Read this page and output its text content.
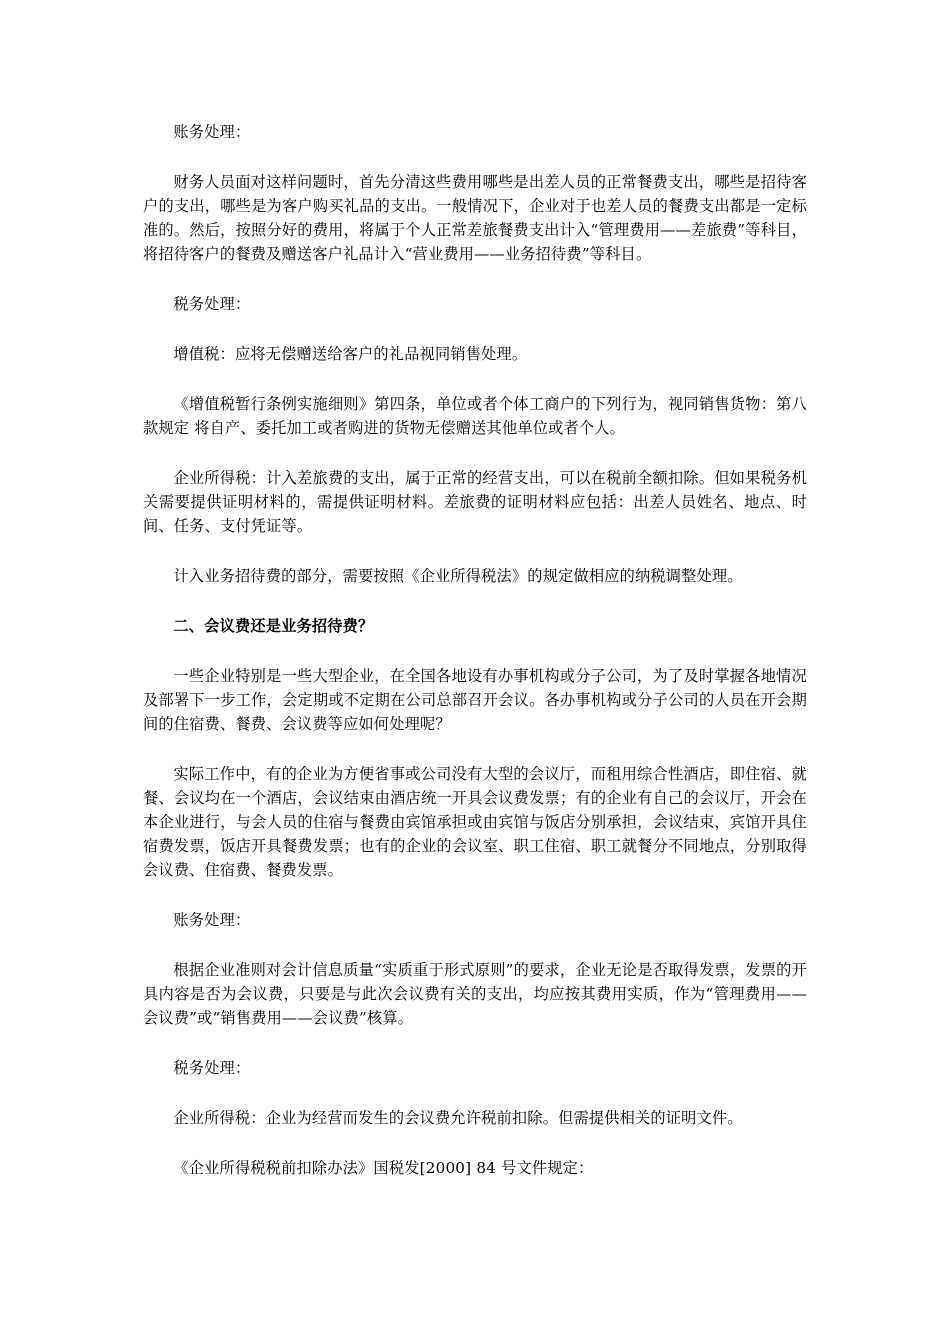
账务处理：

财务人员面对这样问题时，首先分清这些费用哪些是出差人员的正常餐费支出，哪些是招待客户的支出，哪些是为客户购买礼品的支出。一般情况下，企业对于也差人员的餐费支出都是一定标准的。然后，按照分好的费用，将属于个人正常差旅餐费支出计入“管理费用——差旅费”等科目，将招待客户的餐费及赠送客户礼品计入“营业费用——业务招待费”等科目。

税务处理：

增值税：应将无偿赠送给客户的礼品视同销售处理。

《增值税暂行条例实施细则》第四条，单位或者个体工商户的下列行为，视同销售货物：第八款规定 将自产、委托加工或者购进的货物无偿赠送其他单位或者个人。

企业所得税：计入差旅费的支出，属于正常的经营支出，可以在税前全额扣除。但如果税务机关需要提供证明材料的，需提供证明材料。差旅费的证明材料应包括：出差人员姓名、地点、时间、任务、支付凭证等。

计入业务招待费的部分，需要按照《企业所得税法》的规定做相应的纳税调整处理。

二、会议费还是业务招待费？

一些企业特别是一些大型企业，在全国各地设有办事机构或分子公司，为了及时掌握各地情况及部署下一步工作，会定期或不定期在公司总部召开会议。各办事机构或分子公司的人员在开会期间的住宿费、餐费、会议费等应如何处理呢？

实际工作中，有的企业为方便省事或公司没有大型的会议厅，而租用综合性酒店，即住宿、就餐、会议均在一个酒店，会议结束由酒店统一开具会议费发票；有的企业有自己的会议厅，开会在本企业进行，与会人员的住宿与餐费由宾馆承担或由宾馆与饭店分别承担，会议结束，宾馆开具住宿费发票，饭店开具餐费发票；也有的企业的会议室、职工住宿、职工就餐分不同地点，分别取得会议费、住宿费、餐费发票。

账务处理：

根据企业准则对会计信息质量“实质重于形式原则”的要求，企业无论是否取得发票，发票的开具内容是否为会议费，只要是与此次会议费有关的支出，均应按其费用实质，作为“管理费用——会议费”或“销售费用——会议费”核算。

税务处理：

企业所得税：企业为经营而发生的会议费允许税前扣除。但需提供相关的证明文件。

《企业所得税税前扣除办法》国税发[2000] 84 号文件规定：
